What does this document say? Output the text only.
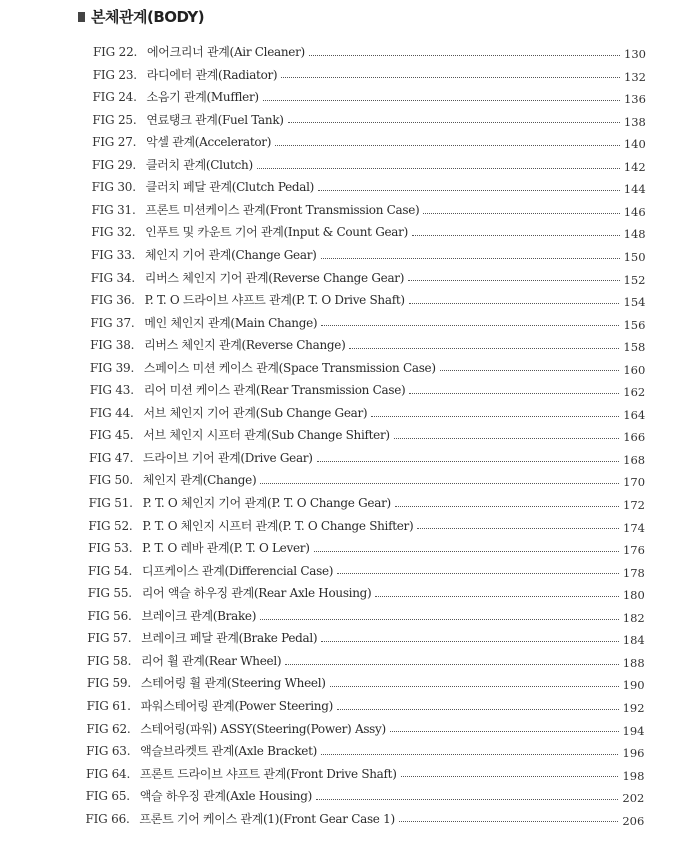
본체관계(BODY)
FIG 22. 에어크리너 관계(Air Cleaner)	130
FIG 23. 라디에터 관계(Radiator)	132
FIG 24. 소음기 관계(Muffler)	136
FIG 25. 연료탱크 관계(Fuel Tank)	138
FIG 27. 악셀 관계(Accelerator)	140
FIG 29. 클러치 관계(Clutch)	142
FIG 30. 클러치 페달 관계(Clutch Pedal)	144
FIG 31. 프론트 미션케이스 관계(Front Transmission Case)	146
FIG 32. 인푸트 및 카운트 기어 관계(Input & Count Gear)	148
FIG 33. 체인지 기어 관계(Change Gear)	150
FIG 34. 리버스 체인지 기어 관계(Reverse Change Gear)	152
FIG 36. P. T. O 드라이브 샤프트 관계(P. T. O Drive Shaft)	154
FIG 37. 메인 체인지 관계(Main Change)	156
FIG 38. 리버스 체인지 관계(Reverse Change)	158
FIG 39. 스페이스 미션 케이스 관계(Space Transmission Case)	160
FIG 43. 리어 미션 케이스 관계(Rear Transmission Case)	162
FIG 44. 서브 체인지 기어 관계(Sub Change Gear)	164
FIG 45. 서브 체인지 시프터 관계(Sub Change Shifter)	166
FIG 47. 드라이브 기어 관계(Drive Gear)	168
FIG 50. 체인지 관계(Change)	170
FIG 51. P. T. O 체인지 기어 관계(P. T. O Change Gear)	172
FIG 52. P. T. O 체인지 시프터 관계(P. T. O Change Shifter)	174
FIG 53. P. T. O 레바 관계(P. T. O Lever)	176
FIG 54. 디프케이스 관계(Differencial Case)	178
FIG 55. 리어 액슬 하우징 관계(Rear Axle Housing)	180
FIG 56. 브레이크 관계(Brake)	182
FIG 57. 브레이크 페달 관계(Brake Pedal)	184
FIG 58. 리어 휠 관계(Rear Wheel)	188
FIG 59. 스테어링 휠 관계(Steering Wheel)	190
FIG 61. 파워스테어링 관계(Power Steering)	192
FIG 62. 스테어링(파워) ASSY(Steering(Power) Assy)	194
FIG 63. 액슬브라켓트 관계(Axle Bracket)	196
FIG 64. 프론트 드라이브 샤프트 관계(Front Drive Shaft)	198
FIG 65. 액슬 하우징 관계(Axle Housing)	202
FIG 66. 프론트 기어 케이스 관계(1)(Front Gear Case 1)	206
